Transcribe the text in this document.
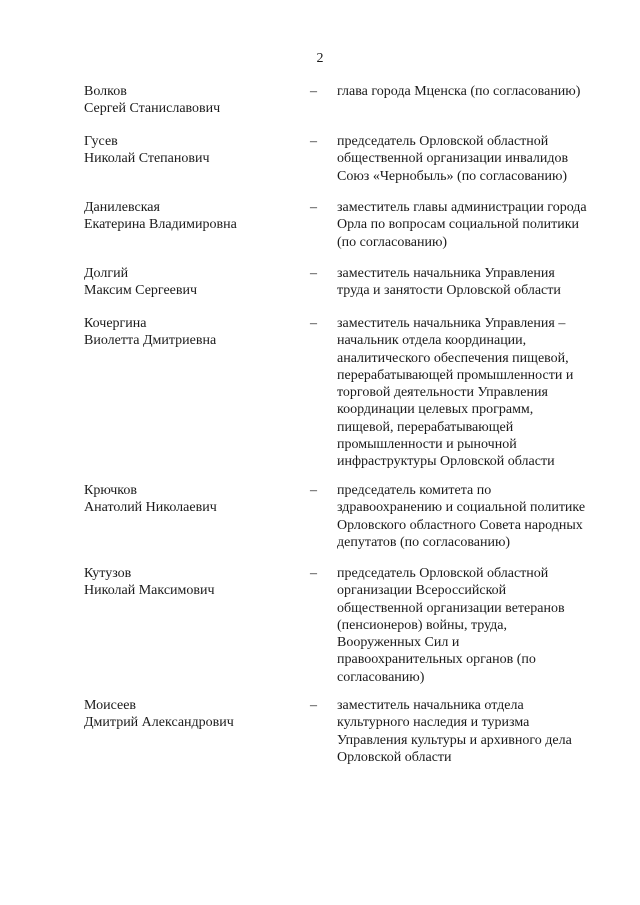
2
Волков
Сергей Станиславович
–	глава города Мценска (по согласованию)
Гусев
Николай Степанович
–	председатель Орловской областной
общественной организации инвалидов
Союз «Чернобыль» (по согласованию)
Данилевская
Екатерина Владимировна
–	заместитель главы администрации города
Орла по вопросам социальной политики
(по согласованию)
Долгий
Максим Сергеевич
–	заместитель начальника Управления
труда и занятости Орловской области
Кочергина
Виолетта Дмитриевна
–	заместитель начальника Управления –
начальник отдела координации,
аналитического обеспечения пищевой,
перерабатывающей промышленности и
торговой деятельности Управления
координации целевых программ,
пищевой, перерабатывающей
промышленности и рыночной
инфраструктуры Орловской области
Крючков
Анатолий Николаевич
–	председатель комитета по
здравоохранению и социальной политике
Орловского областного Совета народных
депутатов (по согласованию)
Кутузов
Николай Максимович
–	председатель Орловской областной
организации Всероссийской
общественной организации ветеранов
(пенсионеров) войны, труда,
Вооруженных Сил и
правоохранительных органов (по
согласованию)
Моисеев
Дмитрий Александрович
–	заместитель начальника отдела
культурного наследия и туризма
Управления культуры и архивного дела
Орловской области
